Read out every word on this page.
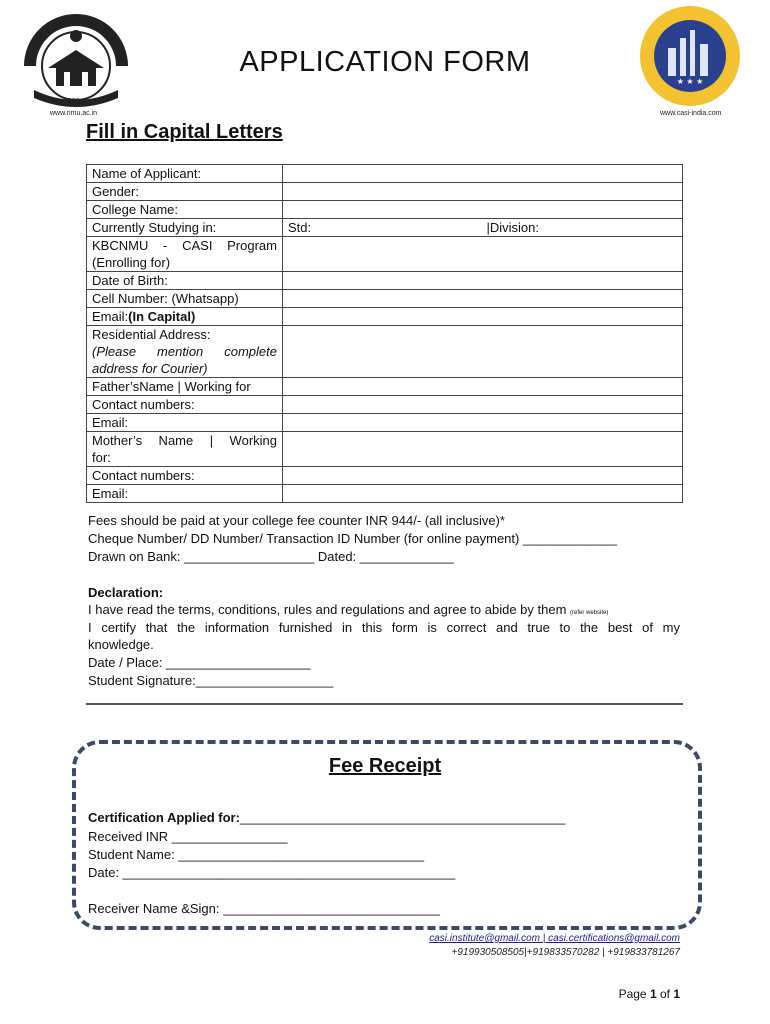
1990
www.nmu.ac.in
★ ★ ★
www.casi-india.com
APPLICATION FORM
Fill in Capital Letters
Name of Applicant:	
Gender:	
College Name:	
Currently Studying in:	Std: |Division:

KBCNMU - CASI Program
(Enrolling for)	

Date of Birth:	
Cell Number: (Whatsapp)	
Email:(In Capital)	

Residential Address:
(Please mention complete
address for Courier)	

Father’sName | Working for	
Contact numbers:	
Email:	

Mother’s Name | Working
for:	

Contact numbers:	
Email:	
Fees should be paid at your college fee counter INR 944/- (all inclusive)*
Cheque Number/ DD Number/ Transaction ID Number (for online payment) _____________
Drawn on Bank: __________________ Dated: _____________
Declaration:
I have read the terms, conditions, rules and regulations and agree to abide by them (refer website)
I certify that the information furnished in this form is correct and true to the best of my
knowledge.
Date / Place: ____________________
Student Signature:___________________
Fee Receipt
Certification Applied for:_____________________________________________
Received INR ________________
Student Name: __________________________________
Date: ______________________________________________
Receiver Name &Sign: ______________________________
casi.institute@gmail.com | casi.certifications@gmail.com
+919930508505|+919833570282 | +919833781267
Page 1 of 1
